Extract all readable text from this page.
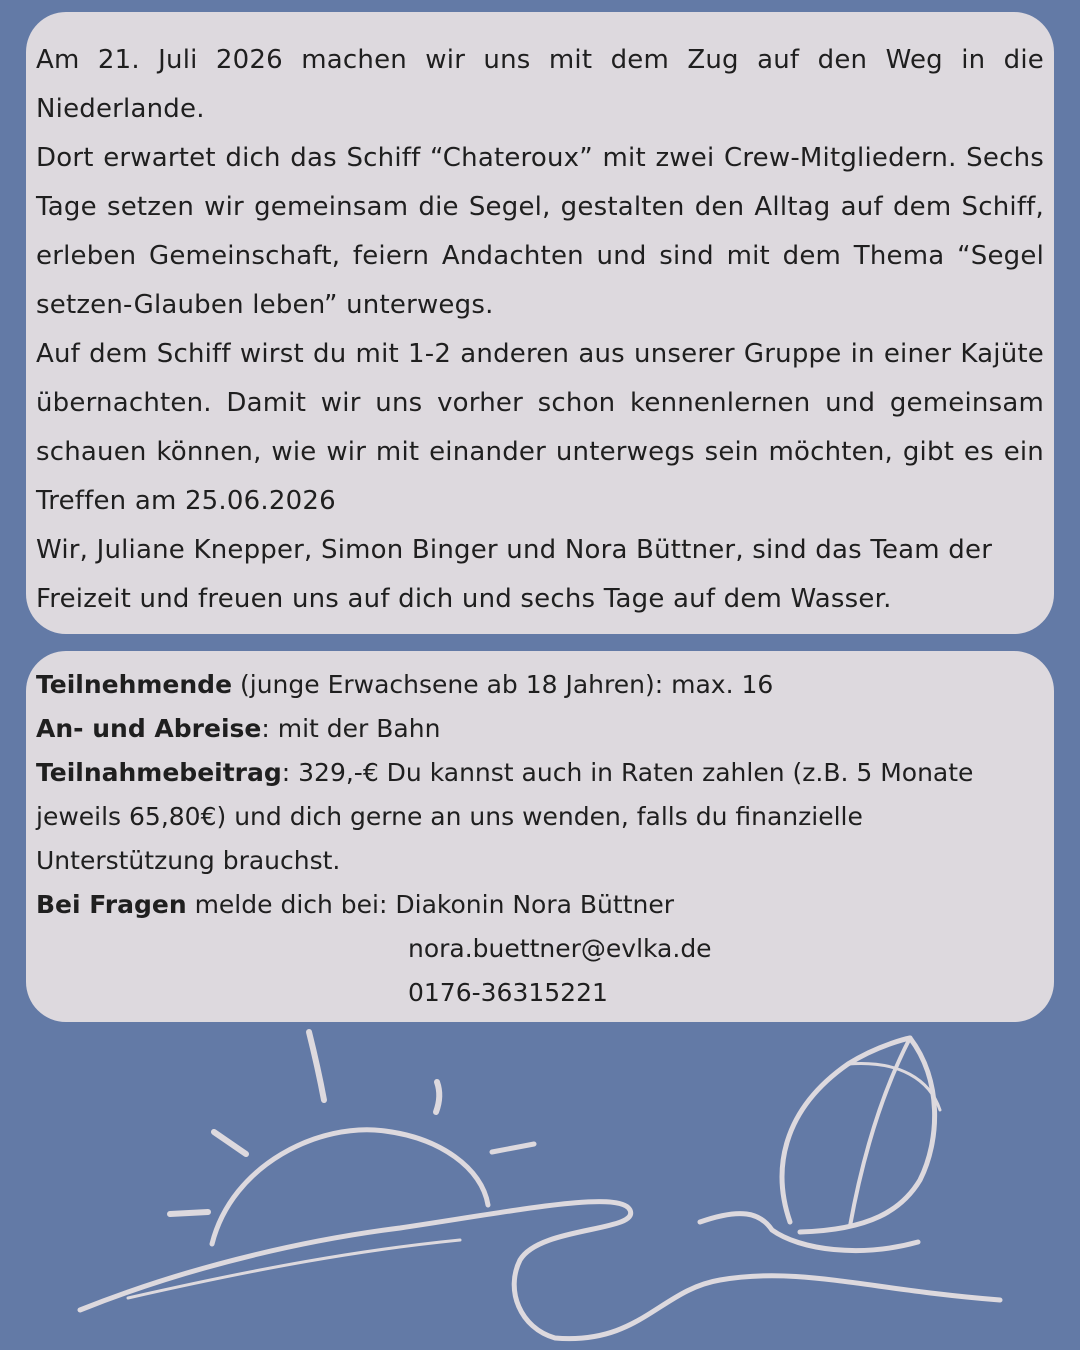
Am 21. Juli 2026 machen wir uns mit dem Zug auf den Weg in die Niederlande.

Dort erwartet dich das Schiff “Chateroux” mit zwei Crew-Mitgliedern. Sechs Tage setzen wir gemeinsam die Segel, gestalten den Alltag auf dem Schiff, erleben Gemeinschaft, feiern Andachten und sind mit dem Thema “Segel setzen-Glauben leben” unterwegs.

Auf dem Schiff wirst du mit 1-2 anderen aus unserer Gruppe in einer Kajüte übernachten. Damit wir uns vorher schon kennenlernen und gemeinsam schauen können, wie wir mit einander unterwegs sein möchten, gibt es ein Treffen am 25.06.2026

Wir, Juliane Knepper, Simon Binger und Nora Büttner, sind das Team der Freizeit und freuen uns auf dich und sechs Tage auf dem Wasser.

Teilnehmende (junge Erwachsene ab 18 Jahren): max. 16
An- und Abreise: mit der Bahn
Teilnahmebeitrag: 329,-€ Du kannst auch in Raten zahlen (z.B. 5 Monate jeweils 65,80€) und dich gerne an uns wenden, falls du finanzielle Unterstützung brauchst.
Bei Fragen melde dich bei: Diakonin Nora Büttner
nora.buettner@evlka.de
0176-36315221
